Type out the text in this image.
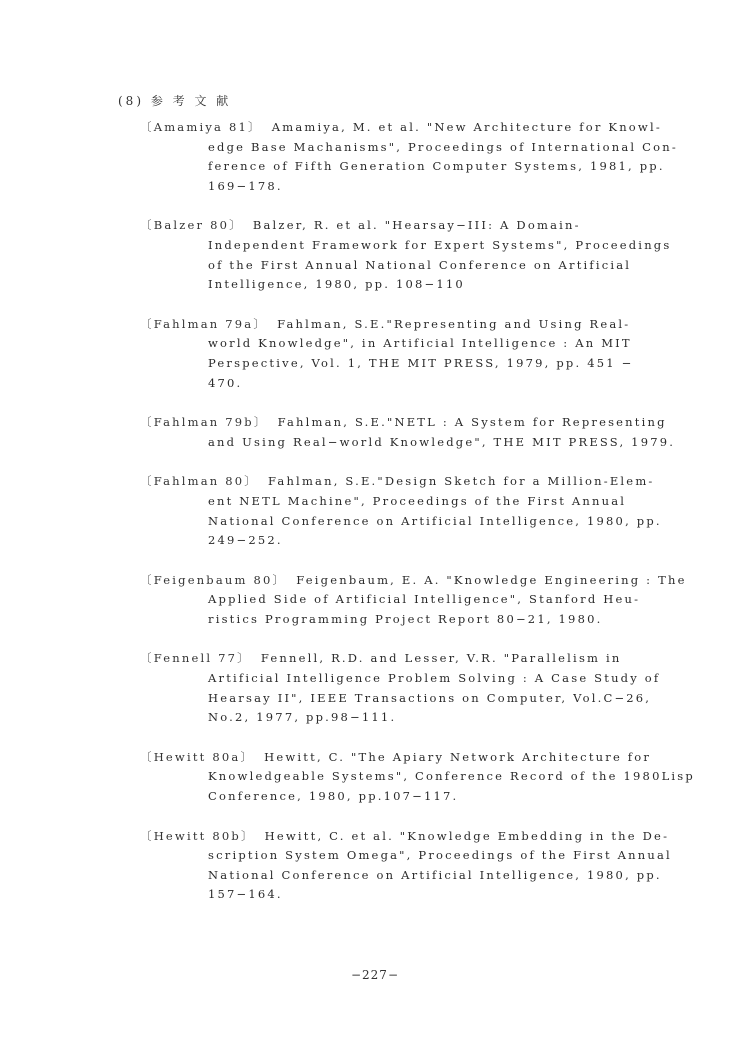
(8) 参 考 文 献
〔Amamiya 81〕 Amamiya, M. et al. "New Architecture for Knowl-
edge Base Machanisms", Proceedings of International Con-
ference of Fifth Generation Computer Systems, 1981, pp.
169−178.
〔Balzer 80〕 Balzer, R. et al. "Hearsay−III: A Domain-
Independent Framework for Expert Systems", Proceedings
of the First Annual National Conference on Artificial
Intelligence, 1980, pp. 108−110
〔Fahlman 79a〕 Fahlman, S.E."Representing and Using Real-
world Knowledge", in Artificial Intelligence : An MIT
Perspective, Vol. 1, THE MIT PRESS, 1979, pp. 451 −
470.
〔Fahlman 79b〕 Fahlman, S.E."NETL : A System for Representing
and Using Real−world Knowledge", THE MIT PRESS, 1979.
〔Fahlman 80〕 Fahlman, S.E."Design Sketch for a Million-Elem-
ent NETL Machine", Proceedings of the First Annual
National Conference on Artificial Intelligence, 1980, pp.
249−252.
〔Feigenbaum 80〕 Feigenbaum, E. A. "Knowledge Engineering : The
Applied Side of Artificial Intelligence", Stanford Heu-
ristics Programming Project Report 80−21, 1980.
〔Fennell 77〕 Fennell, R.D. and Lesser, V.R. "Parallelism in
Artificial Intelligence Problem Solving : A Case Study of
Hearsay II", IEEE Transactions on Computer, Vol.C−26,
No.2, 1977, pp.98−111.
〔Hewitt 80a〕 Hewitt, C. "The Apiary Network Architecture for
Knowledgeable Systems", Conference Record of the 1980Lisp
Conference, 1980, pp.107−117.
〔Hewitt 80b〕 Hewitt, C. et al. "Knowledge Embedding in the De-
scription System Omega", Proceedings of the First Annual
National Conference on Artificial Intelligence, 1980, pp.
157−164.
−227−
